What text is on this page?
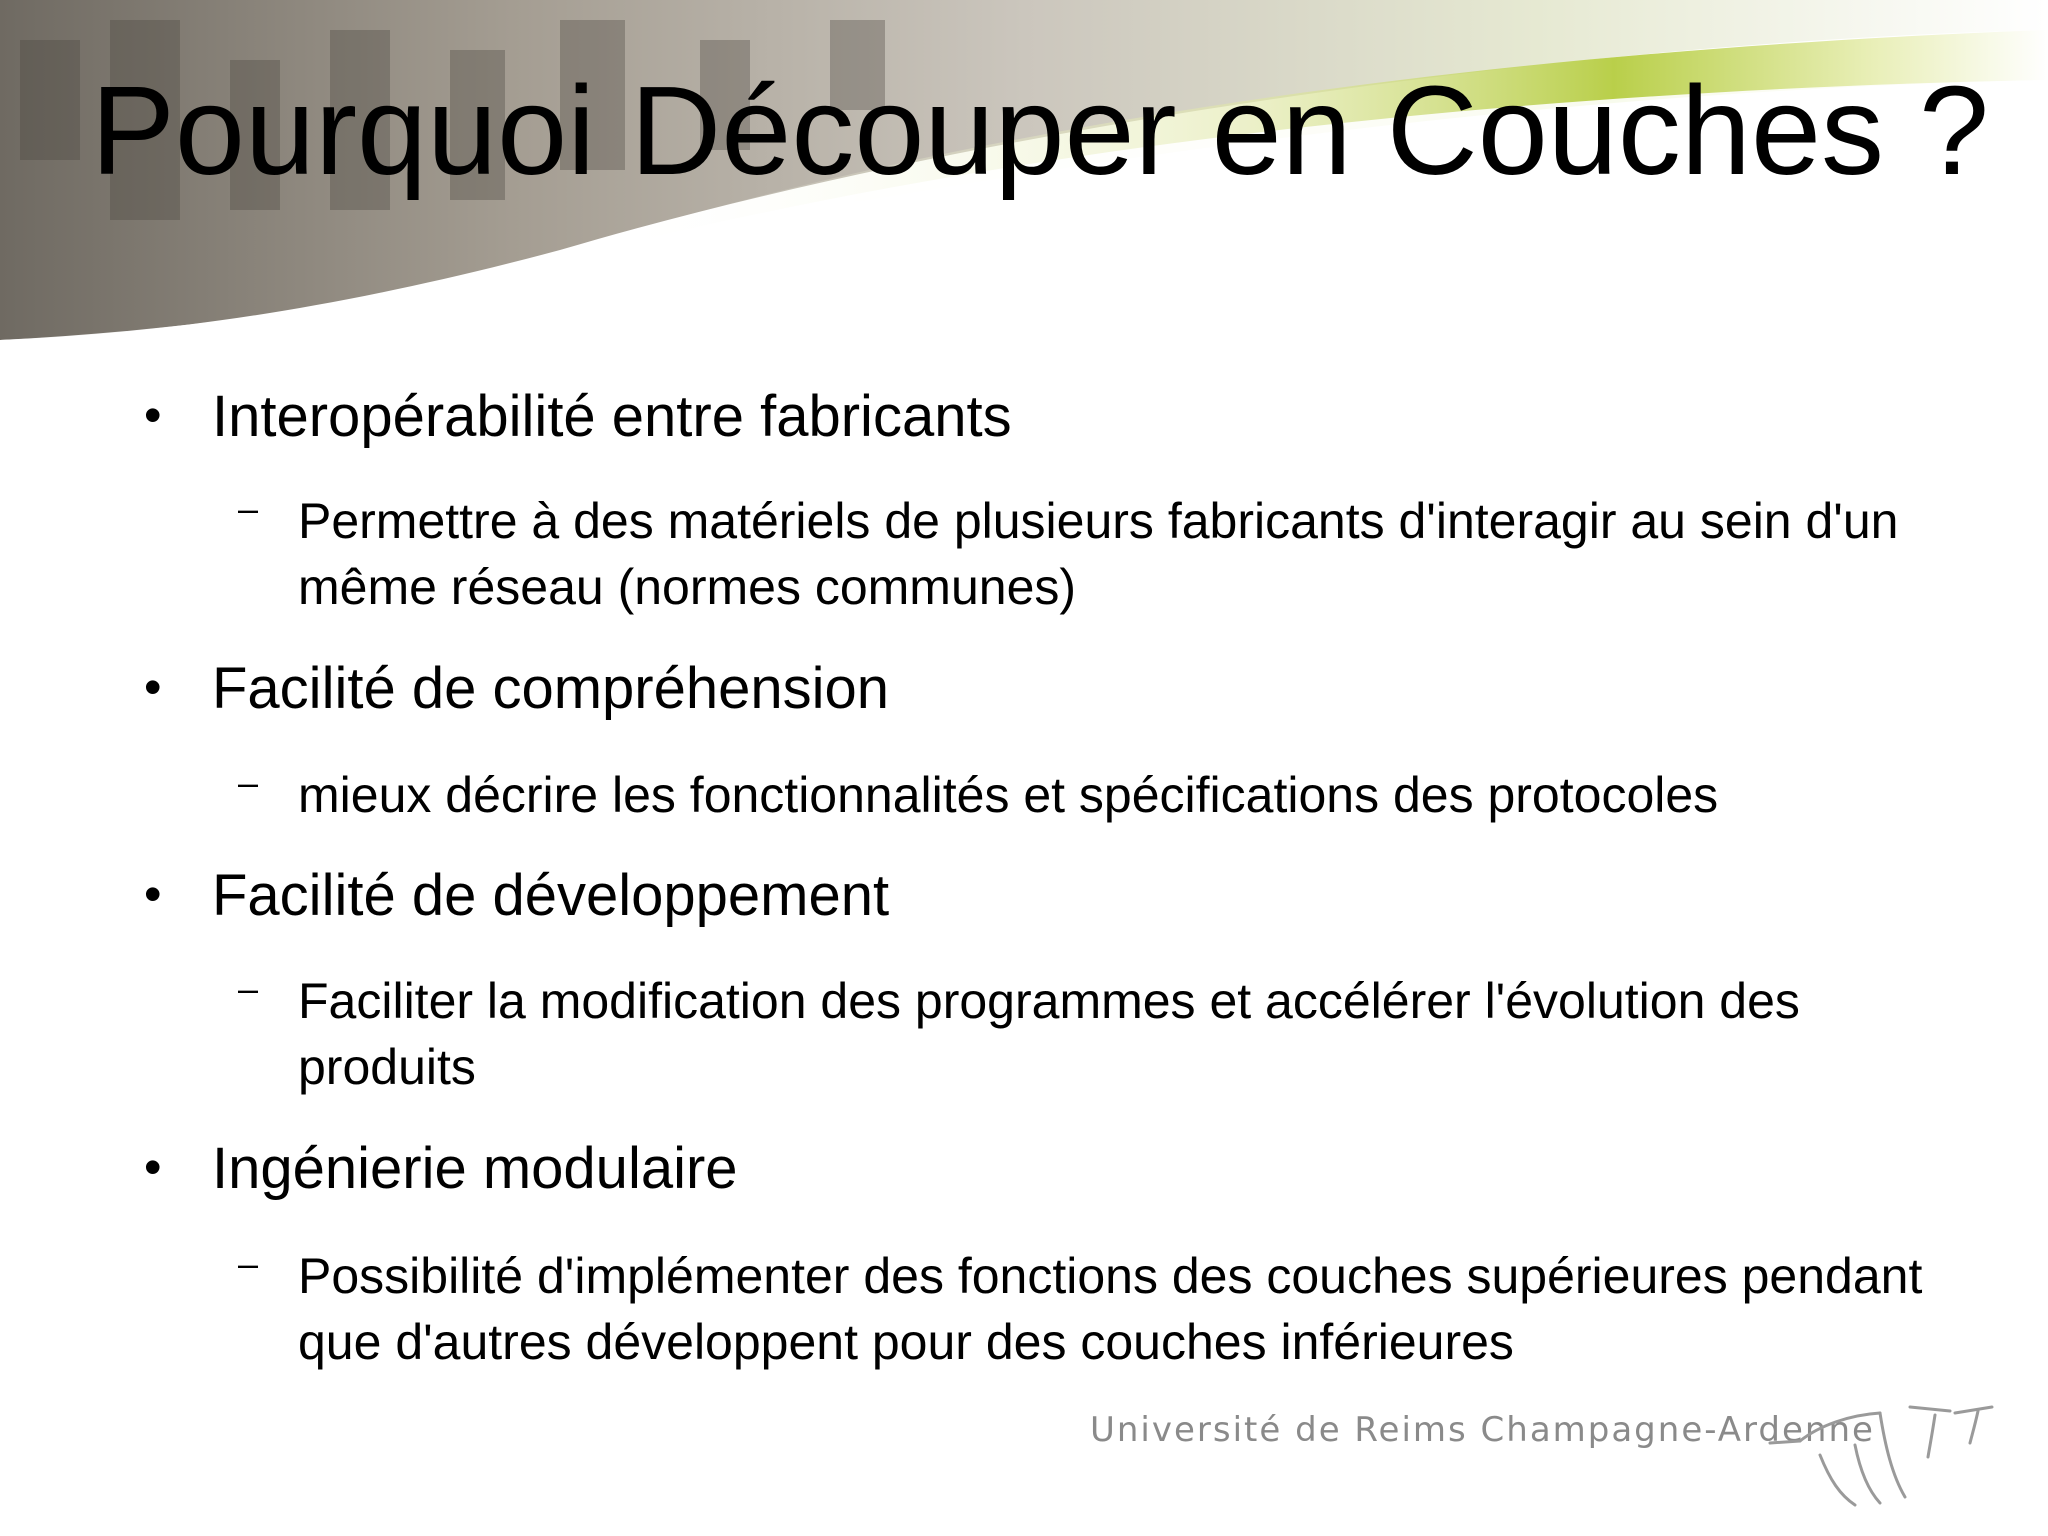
Pourquoi Découper en Couches ?
• Interopérabilité entre fabricants
– Permettre à des matériels de plusieurs fabricants d'interagir au sein d'un même réseau (normes communes)
• Facilité de compréhension
– mieux décrire les fonctionnalités et spécifications des protocoles
• Facilité de développement
– Faciliter la modification des programmes et accélérer l'évolution des produits
• Ingénierie modulaire
– Possibilité d'implémenter des fonctions des couches supérieures pendant que d'autres développent pour des couches inférieures
Université de Reims Champagne-Ardenne
